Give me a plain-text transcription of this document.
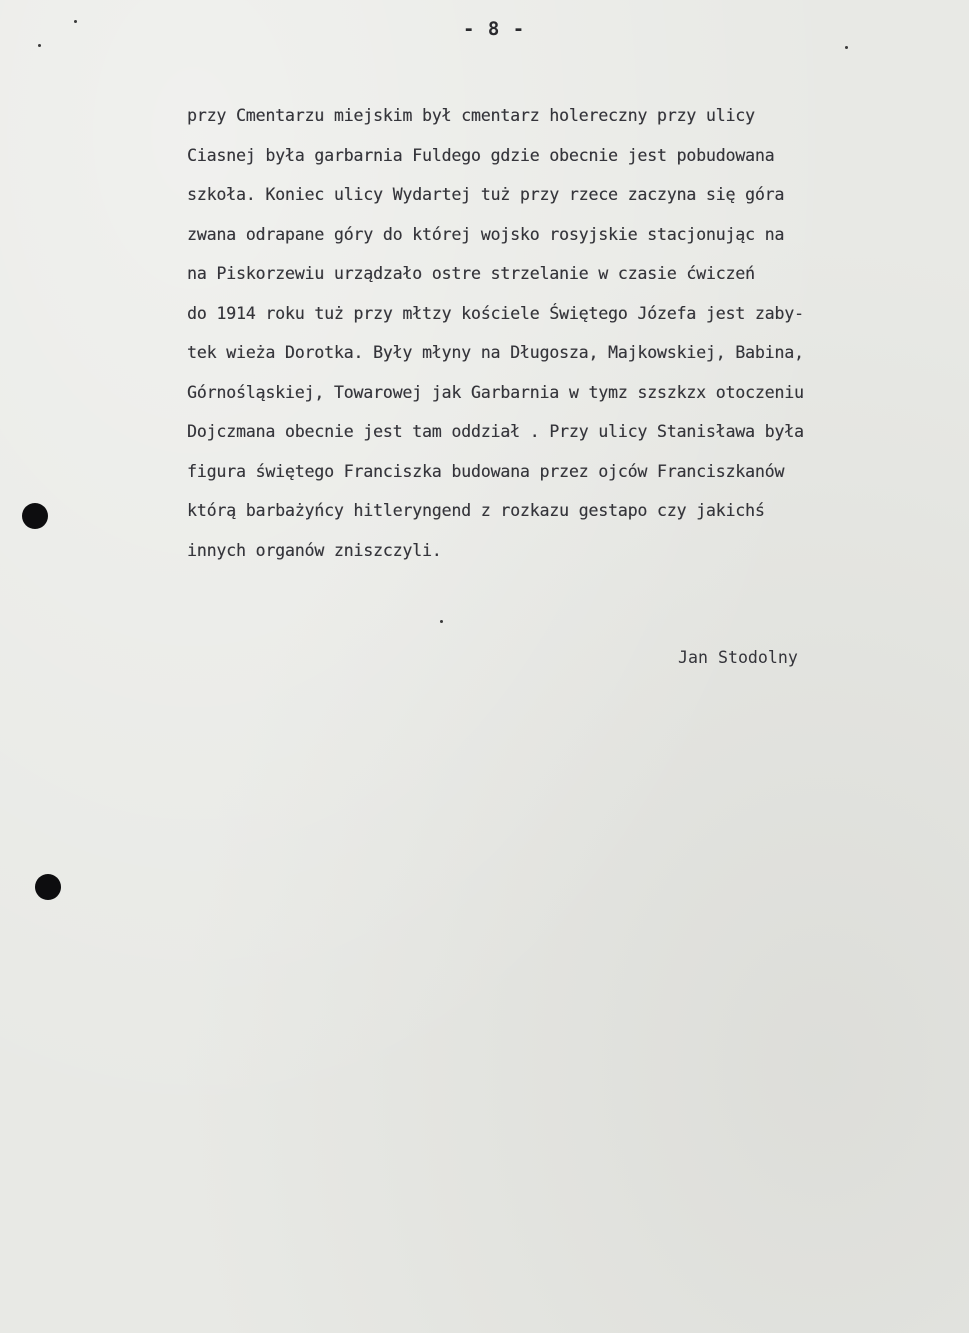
- 8 -
przy Cmentarzu miejskim był cmentarz holereczny przy ulicy
Ciasnej była garbarnia Fuldego gdzie obecnie jest pobudowana
szkoła. Koniec ulicy Wydartej tuż przy rzece zaczyna się góra
zwana odrapane góry do której wojsko rosyjskie stacjonując na
na Piskorzewiu urządzało ostre strzelanie w czasie ćwiczeń
do 1914 roku tuż przy młtzy kościele Świętego Józefa jest zaby-
tek wieża Dorotka. Były młyny na Długosza, Majkowskiej, Babina,
Górnośląskiej, Towarowej jak Garbarnia w tymz szszkzx otoczeniu
Dojczmana obecnie jest tam oddział . Przy ulicy Stanisława była
figura świętego Franciszka budowana przez ojców Franciszkanów
którą barbażyńcy hitleryngend z rozkazu gestapo czy jakichś
innych organów zniszczyli.
Jan Stodolny
